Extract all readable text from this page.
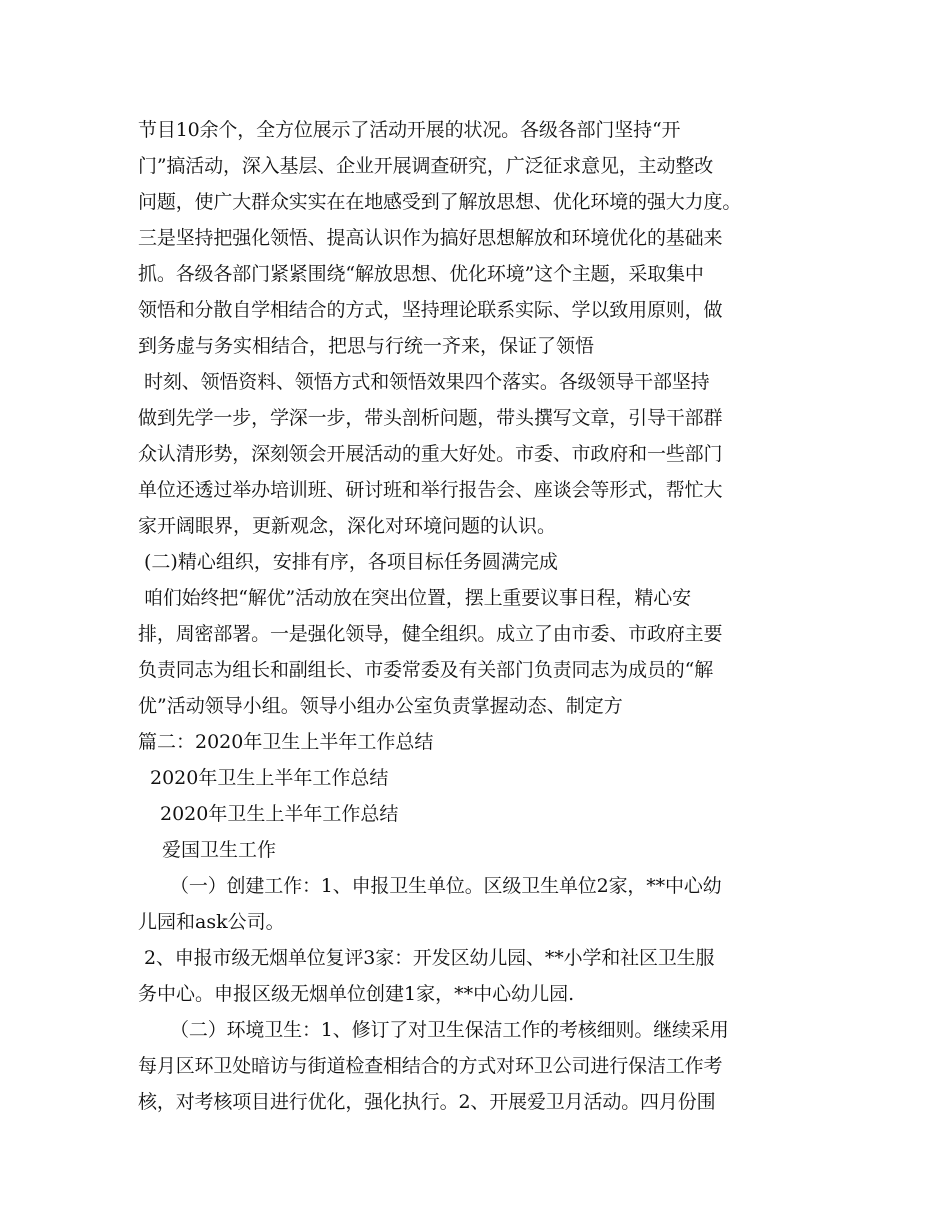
节目10余个，全方位展示了活动开展的状况。各级各部门坚持“开
门”搞活动，深入基层、企业开展调查研究，广泛征求意见，主动整改
问题，使广大群众实实在在地感受到了解放思想、优化环境的强大力度。
三是坚持把强化领悟、提高认识作为搞好思想解放和环境优化的基础来
抓。各级各部门紧紧围绕“解放思想、优化环境”这个主题，采取集中
领悟和分散自学相结合的方式，坚持理论联系实际、学以致用原则，做
到务虚与务实相结合，把思与行统一齐来，保证了领悟
时刻、领悟资料、领悟方式和领悟效果四个落实。各级领导干部坚持
做到先学一步，学深一步，带头剖析问题，带头撰写文章，引导干部群
众认清形势，深刻领会开展活动的重大好处。市委、市政府和一些部门
单位还透过举办培训班、研讨班和举行报告会、座谈会等形式，帮忙大
家开阔眼界，更新观念，深化对环境问题的认识。
(二)精心组织，安排有序，各项目标任务圆满完成
咱们始终把“解优”活动放在突出位置，摆上重要议事日程，精心安
排，周密部署。一是强化领导，健全组织。成立了由市委、市政府主要
负责同志为组长和副组长、市委常委及有关部门负责同志为成员的“解
优”活动领导小组。领导小组办公室负责掌握动态、制定方
篇二：2020年卫生上半年工作总结
2020年卫生上半年工作总结
2020年卫生上半年工作总结
爱国卫生工作
（一）创建工作：1、申报卫生单位。区级卫生单位2家，**中心幼
儿园和ask公司。
2、申报市级无烟单位复评3家：开发区幼儿园、**小学和社区卫生服
务中心。申报区级无烟单位创建1家，**中心幼儿园.
（二）环境卫生：1、修订了对卫生保洁工作的考核细则。继续采用
每月区环卫处暗访与街道检查相结合的方式对环卫公司进行保洁工作考
核，对考核项目进行优化，强化执行。2、开展爱卫月活动。四月份围
